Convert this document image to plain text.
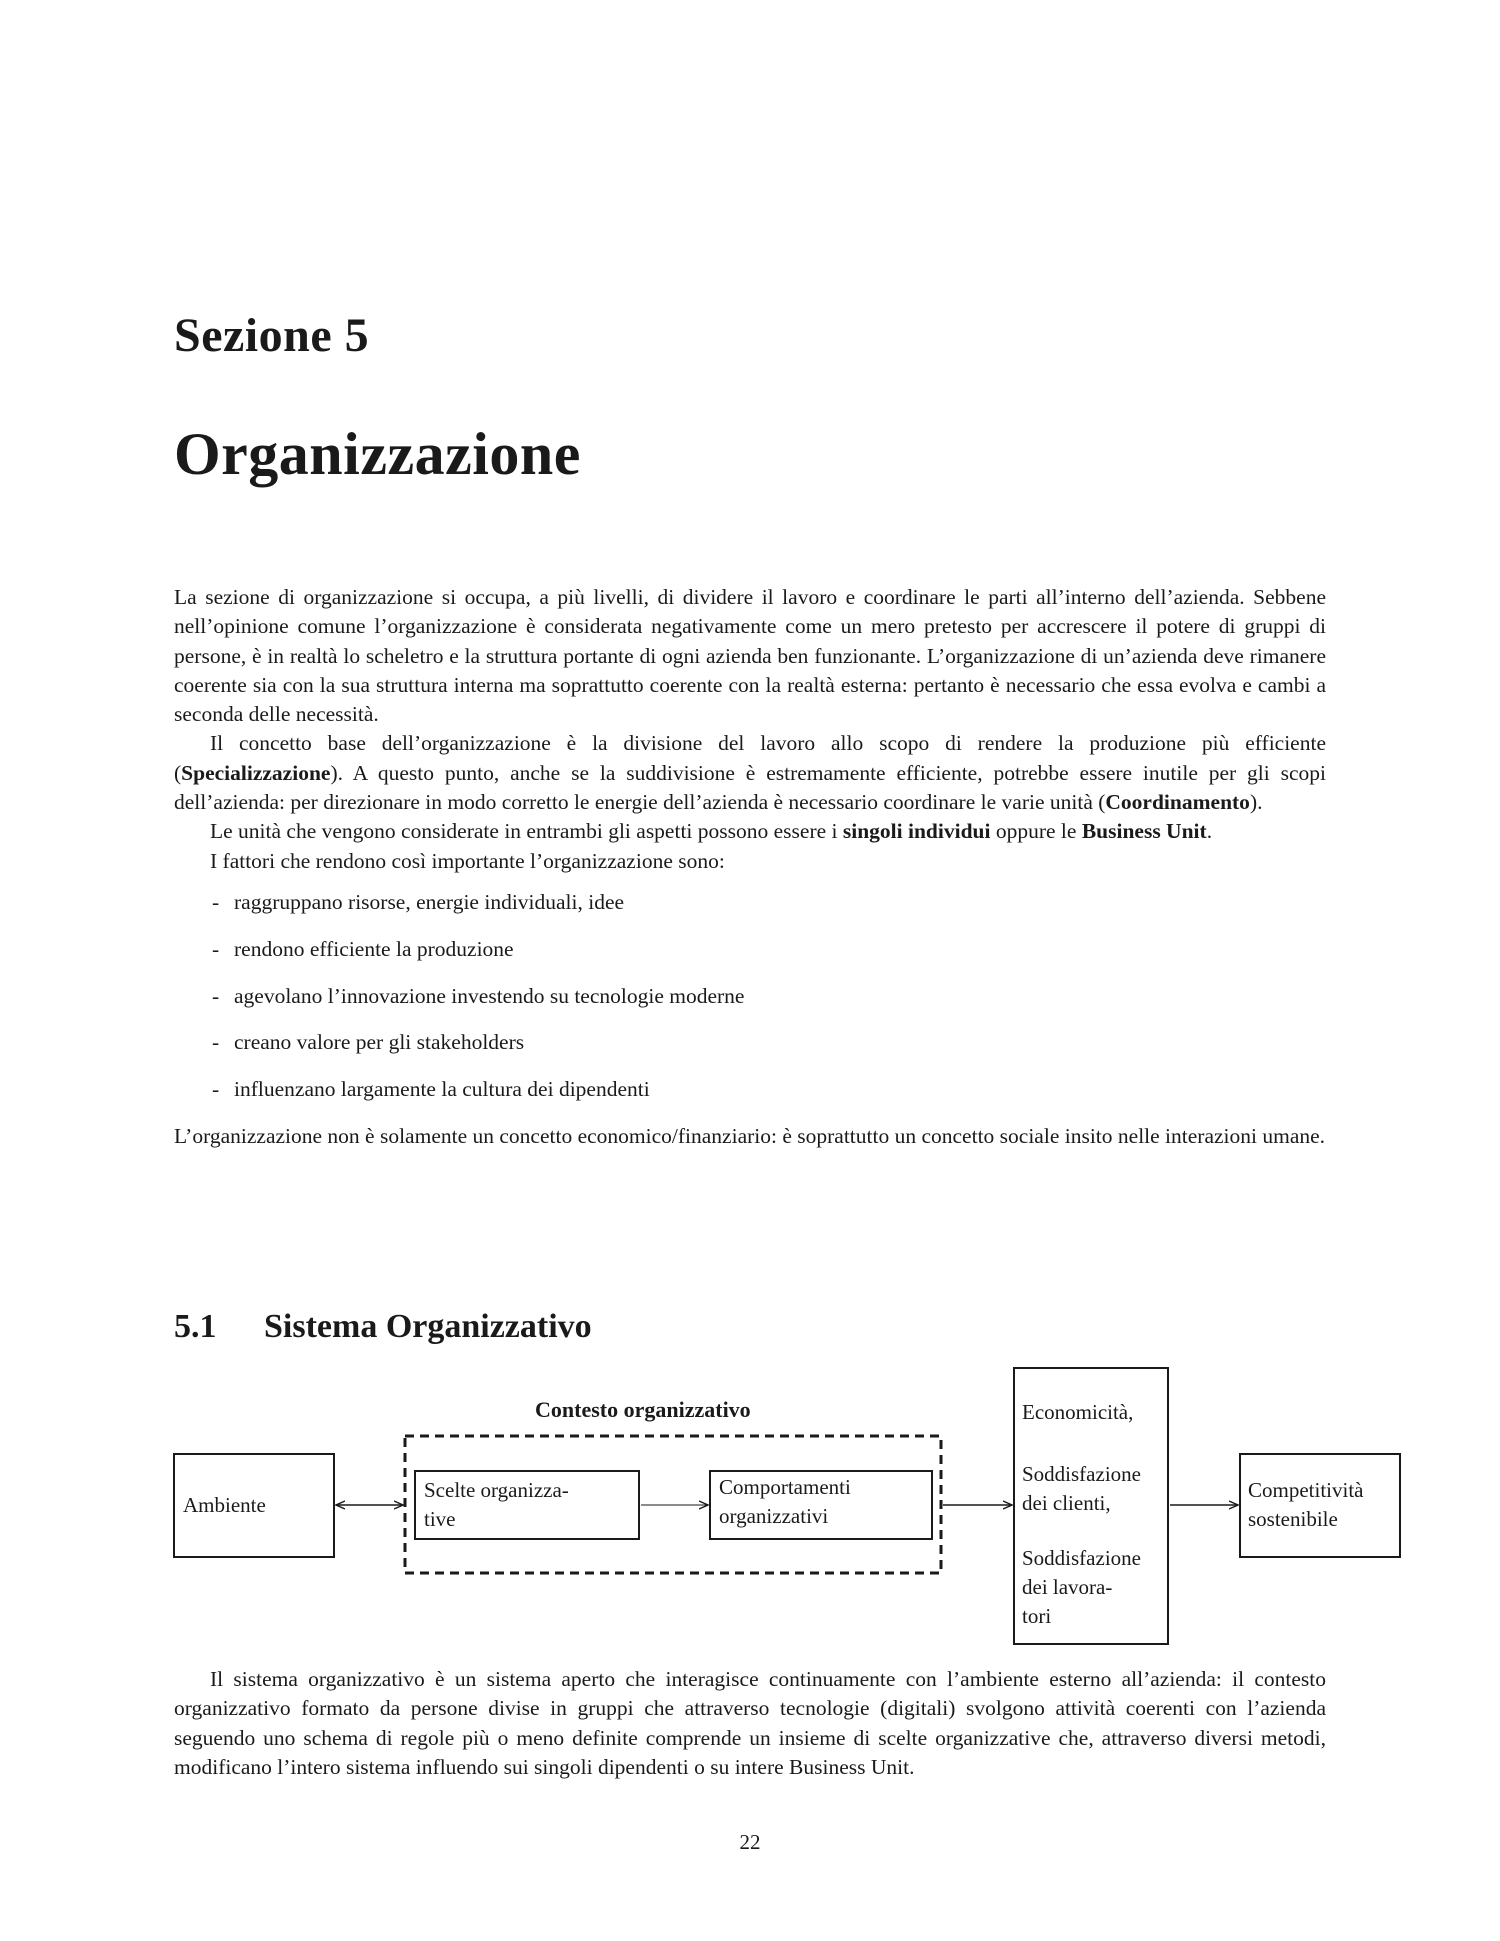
Sezione 5
Organizzazione

La sezione di organizzazione si occupa, a più livelli, di dividere il lavoro e coordinare le parti all’interno dell’azienda. Sebbene nell’opinione comune l’organizzazione è considerata negativamente come un mero pretesto per accrescere il potere di gruppi di persone, è in realtà lo scheletro e la struttura portante di ogni azienda ben funzionante. L’organizzazione di un’azienda deve rimanere coerente sia con la sua struttura interna ma soprattutto coerente con la realtà esterna: pertanto è necessario che essa evolva e cambi a seconda delle necessità.

Il concetto base dell’organizzazione è la divisione del lavoro allo scopo di rendere la produzione più efficiente (Specializzazione). A questo punto, anche se la suddivisione è estremamente efficiente, potrebbe essere inutile per gli scopi dell’azienda: per direzionare in modo corretto le energie dell’azienda è necessario coordinare le varie unità (Coordinamento).

Le unità che vengono considerate in entrambi gli aspetti possono essere i singoli individui oppure le Business Unit.

I fattori che rendono così importante l’organizzazione sono:

- raggruppano risorse, energie individuali, idee
- rendono efficiente la produzione
- agevolano l’innovazione investendo su tecnologie moderne
- creano valore per gli stakeholders
- influenzano largamente la cultura dei dipendenti

L’organizzazione non è solamente un concetto economico/finanziario: è soprattutto un concetto sociale insito nelle interazioni umane.

5.1 Sistema Organizzativo
Contesto organizzativo
Ambiente
Scelte organizza-
tive
Comportamenti
organizzativi
Economicità,
Soddisfazione
dei clienti,
Soddisfazione
dei lavora-
tori
Competitività
sostenibile

Il sistema organizzativo è un sistema aperto che interagisce continuamente con l’ambiente esterno all’azienda: il contesto organizzativo formato da persone divise in gruppi che attraverso tecnologie (digitali) svolgono attività coerenti con l’azienda seguendo uno schema di regole più o meno definite comprende un insieme di scelte organizzative che, attraverso diversi metodi, modificano l’intero sistema influendo sui singoli dipendenti o su intere Business Unit.

22
